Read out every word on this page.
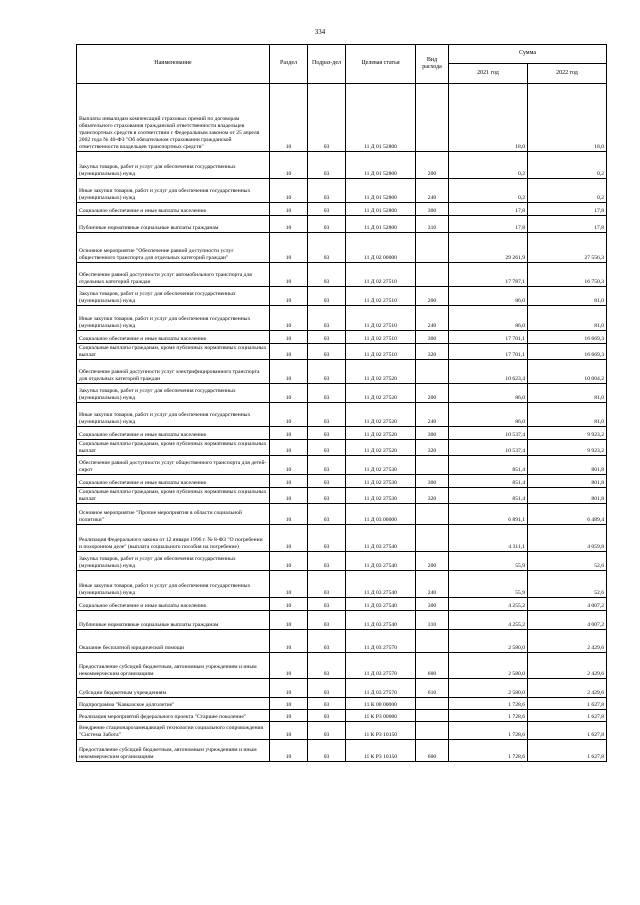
334
Наименование	Раздел	Подраз-дел	Целевая статья	Вид расхода	Сумма	
					2021 год	2022 год
Выплаты инвалидам компенсаций страховых премий по договорам обязательного страхования гражданской ответственности владельцев транспортных средств в соответствии с Федеральным законом от 25 апреля 2002 года № 40-ФЗ "Об обязательном страховании гражданской ответственности владельцев транспортных средств"	10	03	11 Д 01 52800		18,0	18,0
Закупка товаров, работ и услуг для обеспечения государственных (муниципальных) нужд	10	03	11 Д 01 52800	200	0,2	0,2
Иные закупки товаров, работ и услуг для обеспечения государственных (муниципальных) нужд	10	03	11 Д 01 52800	240	0,2	0,2
Социальное обеспечение и иные выплаты населению	10	03	11 Д 01 52800	300	17,8	17,8
Публичные нормативные социальные выплаты гражданам	10	03	11 Д 01 52800	310	17,8	17,8
Основное мероприятие "Обеспечение равной доступности услуг общественного транспорта для отдельных категорий граждан"	10	03	11 Д 02 00000		29 261,9	27 556,3
Обеспечение равной доступности услуг автомобильного транспорта для отдельных категорий граждан	10	03	11 Д 02 27510		17 787,1	16 750,3
Закупка товаров, работ и услуг для обеспечения государственных (муниципальных) нужд	10	03	11 Д 02 27510	200	86,0	81,0
Иные закупки товаров, работ и услуг для обеспечения государственных (муниципальных) нужд	10	03	11 Д 02 27510	240	86,0	81,0
Социальное обеспечение и иные выплаты населению	10	03	11 Д 02 27510	300	17 701,1	16 669,3
Социальные выплаты гражданам, кроме публичных нормативных социальных выплат	10	03	11 Д 02 27510	320	17 701,1	16 669,3
Обеспечение равной доступности услуг электрифицированного транспорта для отдельных категорий граждан	10	03	11 Д 02 27520		10 623,4	10 004,2
Закупка товаров, работ и услуг для обеспечения государственных (муниципальных) нужд	10	03	11 Д 02 27520	200	86,0	81,0
Иные закупки товаров, работ и услуг для обеспечения государственных (муниципальных) нужд	10	03	11 Д 02 27520	240	86,0	81,0
Социальное обеспечение и иные выплаты населению	10	03	11 Д 02 27520	300	10 537,4	9 923,2
Социальные выплаты гражданам, кроме публичных нормативных социальных выплат	10	03	11 Д 02 27520	320	10 537,4	9 923,2
Обеспечение равной доступности услуг общественного транспорта для детей-сирот	10	03	11 Д 02 27530		851,4	801,8
Социальное обеспечение и иные выплаты населению	10	03	11 Д 02 27530	300	851,4	801,8
Социальные выплаты гражданам, кроме публичных нормативных социальных выплат	10	03	11 Д 02 27530	320	851,4	801,8
Основное мероприятие "Прочие мероприятия в области социальной политики"	10	03	11 Д 03 00000		6 891,1	6 489,4
Реализация Федерального закона от 12 января 1996 г. № 8-ФЗ "О погребении и похоронном деле" (выплата социального пособия на погребение)	10	03	11 Д 03 27540		4 311,1	4 059,8
Закупка товаров, работ и услуг для обеспечения государственных (муниципальных) нужд	10	03	11 Д 03 27540	200	55,9	52,6
Иные закупки товаров, работ и услуг для обеспечения государственных (муниципальных) нужд	10	03	11 Д 03 27540	240	55,9	52,6
Социальное обеспечение и иные выплаты населению	10	03	11 Д 03 27540	300	4 255,2	4 007,2
Публичные нормативные социальные выплаты гражданам	10	03	11 Д 03 27540	310	4 255,2	4 007,2
Оказание бесплатной юридической помощи	10	03	11 Д 03 27570		2 580,0	2 429,6
Предоставление субсидий бюджетным, автономным учреждениям и иным некоммерческим организациям	10	03	11 Д 03 27570	600	2 580,0	2 429,6
Субсидии бюджетным учреждениям	10	03	11 Д 03 27570	610	2 580,0	2 429,6
Подпрограмма "Кавказское долголетие"	10	03	11 К 00 00000		1 728,6	1 627,8
Реализация мероприятий федерального проекта "Старшее поколение"	10	03	11 К Р3 00000		1 728,6	1 627,8
Внедрение стационарозамещающей технологии социального сопровождения "Система Забота"	10	03	11 К Р3 10150		1 728,6	1 627,8
Предоставление субсидий бюджетным, автономным учреждениям и иным некоммерческим организациям	10	03	11 К Р3 10150	600	1 728,6	1 627,8
